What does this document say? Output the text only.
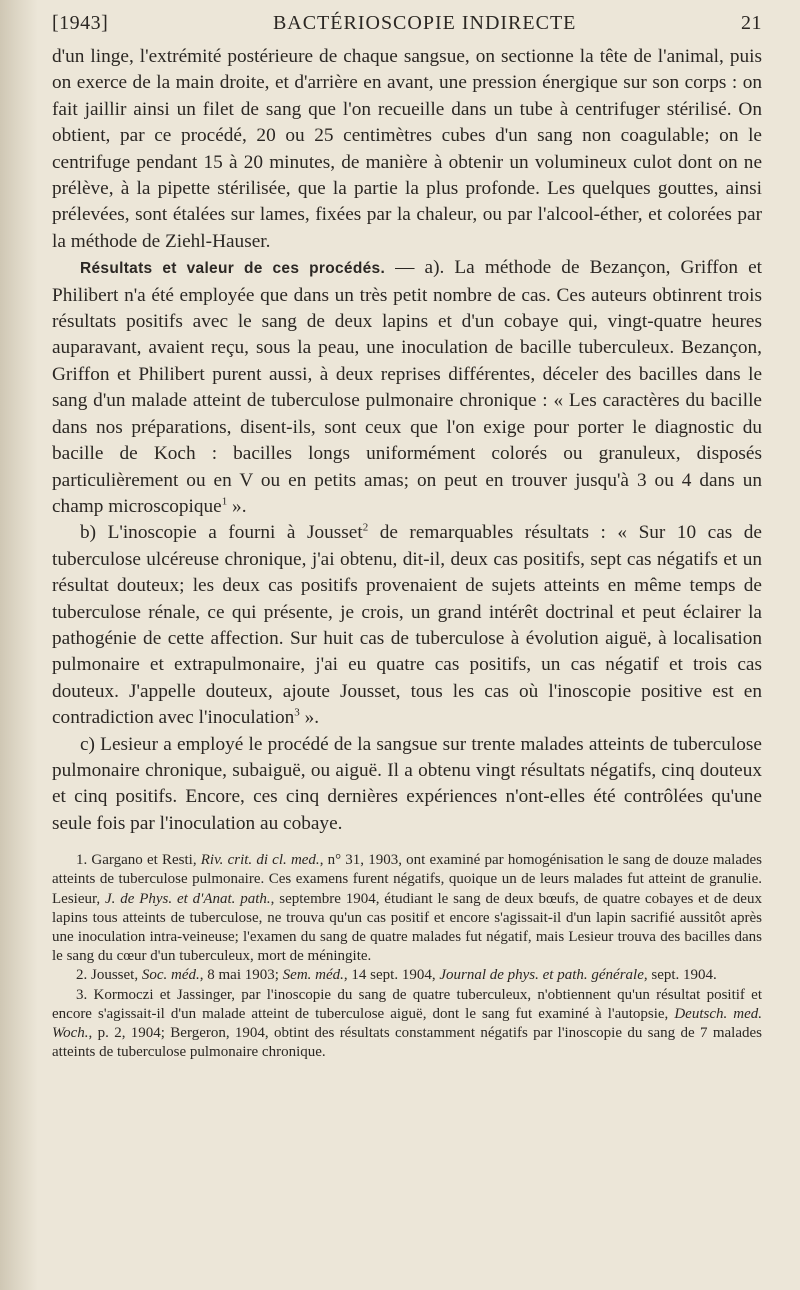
[1943]	BACTÉRIOSCOPIE INDIRECTE	21

d'un linge, l'extrémité postérieure de chaque sangsue, on sectionne la tête de l'animal, puis on exerce de la main droite, et d'arrière en avant, une pression énergique sur son corps : on fait jaillir ainsi un filet de sang que l'on recueille dans un tube à centrifuger stérilisé. On obtient, par ce procédé, 20 ou 25 centimètres cubes d'un sang non coagulable; on le centrifuge pendant 15 à 20 minutes, de manière à obtenir un volumineux culot dont on ne prélève, à la pipette stérilisée, que la partie la plus profonde. Les quelques gouttes, ainsi prélevées, sont étalées sur lames, fixées par la chaleur, ou par l'alcool-éther, et colorées par la méthode de Ziehl-Hauser.

Résultats et valeur de ces procédés. — a). La méthode de Bezançon, Griffon et Philibert n'a été employée que dans un très petit nombre de cas. Ces auteurs obtinrent trois résultats positifs avec le sang de deux lapins et d'un cobaye qui, vingt-quatre heures auparavant, avaient reçu, sous la peau, une inoculation de bacille tuberculeux. Bezançon, Griffon et Philibert purent aussi, à deux reprises différentes, déceler des bacilles dans le sang d'un malade atteint de tuberculose pulmonaire chronique : « Les caractères du bacille dans nos préparations, disent-ils, sont ceux que l'on exige pour porter le diagnostic du bacille de Koch : bacilles longs uniformément colorés ou granuleux, disposés particulièrement ou en V ou en petits amas; on peut en trouver jusqu'à 3 ou 4 dans un champ microscopique$^1$ ».

b) L'inoscopie a fourni à Jousset$^2$ de remarquables résultats : « Sur 10 cas de tuberculose ulcéreuse chronique, j'ai obtenu, dit-il, deux cas positifs, sept cas négatifs et un résultat douteux; les deux cas positifs provenaient de sujets atteints en même temps de tuberculose rénale, ce qui présente, je crois, un grand intérêt doctrinal et peut éclairer la pathogénie de cette affection. Sur huit cas de tuberculose à évolution aiguë, à localisation pulmonaire et extrapulmonaire, j'ai eu quatre cas positifs, un cas négatif et trois cas douteux. J'appelle douteux, ajoute Jousset, tous les cas où l'inoscopie positive est en contradiction avec l'inoculation$^3$ ».

c) Lesieur a employé le procédé de la sangsue sur trente malades atteints de tuberculose pulmonaire chronique, subaiguë, ou aiguë. Il a obtenu vingt résultats négatifs, cinq douteux et cinq positifs. Encore, ces cinq dernières expériences n'ont-elles été contrôlées qu'une seule fois par l'inoculation au cobaye.

1. Gargano et Resti, Riv. crit. di cl. med., n° 31, 1903, ont examiné par homogénisation le sang de douze malades atteints de tuberculose pulmonaire. Ces examens furent négatifs, quoique un de leurs malades fut atteint de granulie. Lesieur, J. de Phys. et d'Anat. path., septembre 1904, étudiant le sang de deux bœufs, de quatre cobayes et de deux lapins tous atteints de tuberculose, ne trouva qu'un cas positif et encore s'agissait-il d'un lapin sacrifié aussitôt après une inoculation intra-veineuse; l'examen du sang de quatre malades fut négatif, mais Lesieur trouva des bacilles dans le sang du cœur d'un tuberculeux, mort de méningite.

2. Jousset, Soc. méd., 8 mai 1903; Sem. méd., 14 sept. 1904, Journal de phys. et path. générale, sept. 1904.

3. Kormoczi et Jassinger, par l'inoscopie du sang de quatre tuberculeux, n'obtiennent qu'un résultat positif et encore s'agissait-il d'un malade atteint de tuberculose aiguë, dont le sang fut examiné à l'autopsie, Deutsch. med. Woch., p. 2, 1904; Bergeron, 1904, obtint des résultats constamment négatifs par l'inoscopie du sang de 7 malades atteints de tuberculose pulmonaire chronique.
